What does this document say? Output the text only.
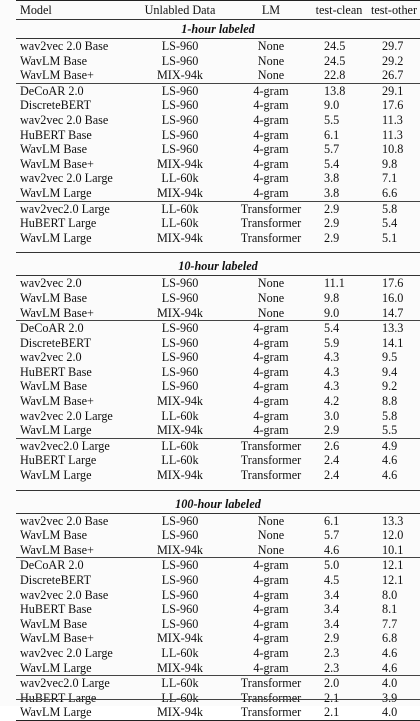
Model	Unlabled Data	LM	test-clean	test-other
1-hour labeled				
wav2vec 2.0 Base	LS-960	None	24.5	29.7
WavLM Base	LS-960	None	24.5	29.2
WavLM Base+	MIX-94k	None	22.8	26.7
DeCoAR 2.0	LS-960	4-gram	13.8	29.1
DiscreteBERT	LS-960	4-gram	9.0	17.6
wav2vec 2.0 Base	LS-960	4-gram	5.5	11.3
HuBERT Base	LS-960	4-gram	6.1	11.3
WavLM Base	LS-960	4-gram	5.7	10.8
WavLM Base+	MIX-94k	4-gram	5.4	9.8
wav2vec 2.0 Large	LL-60k	4-gram	3.8	7.1
WavLM Large	MIX-94k	4-gram	3.8	6.6
wav2vec2.0 Large	LL-60k	Transformer	2.9	5.8
HuBERT Large	LL-60k	Transformer	2.9	5.4
WavLM Large	MIX-94k	Transformer	2.9	5.1

10-hour labeled				
wav2vec 2.0	LS-960	None	11.1	17.6
WavLM Base	LS-960	None	9.8	16.0
WavLM Base+	MIX-94k	None	9.0	14.7
DeCoAR 2.0	LS-960	4-gram	5.4	13.3
DiscreteBERT	LS-960	4-gram	5.9	14.1
wav2vec 2.0	LS-960	4-gram	4.3	9.5
HuBERT Base	LS-960	4-gram	4.3	9.4
WavLM Base	LS-960	4-gram	4.3	9.2
WavLM Base+	MIX-94k	4-gram	4.2	8.8
wav2vec 2.0 Large	LL-60k	4-gram	3.0	5.8
WavLM Large	MIX-94k	4-gram	2.9	5.5
wav2vec2.0 Large	LL-60k	Transformer	2.6	4.9
HuBERT Large	LL-60k	Transformer	2.4	4.6
WavLM Large	MIX-94k	Transformer	2.4	4.6

100-hour labeled				
wav2vec 2.0 Base	LS-960	None	6.1	13.3
WavLM Base	LS-960	None	5.7	12.0
WavLM Base+	MIX-94k	None	4.6	10.1
DeCoAR 2.0	LS-960	4-gram	5.0	12.1
DiscreteBERT	LS-960	4-gram	4.5	12.1
wav2vec 2.0 Base	LS-960	4-gram	3.4	8.0
HuBERT Base	LS-960	4-gram	3.4	8.1
WavLM Base	LS-960	4-gram	3.4	7.7
WavLM Base+	MIX-94k	4-gram	2.9	6.8
wav2vec 2.0 Large	LL-60k	4-gram	2.3	4.6
WavLM Large	MIX-94k	4-gram	2.3	4.6
wav2vec2.0 Large	LL-60k	Transformer	2.0	4.0
HuBERT Large	LL-60k	Transformer	2.1	3.9
WavLM Large	MIX-94k	Transformer	2.1	4.0
